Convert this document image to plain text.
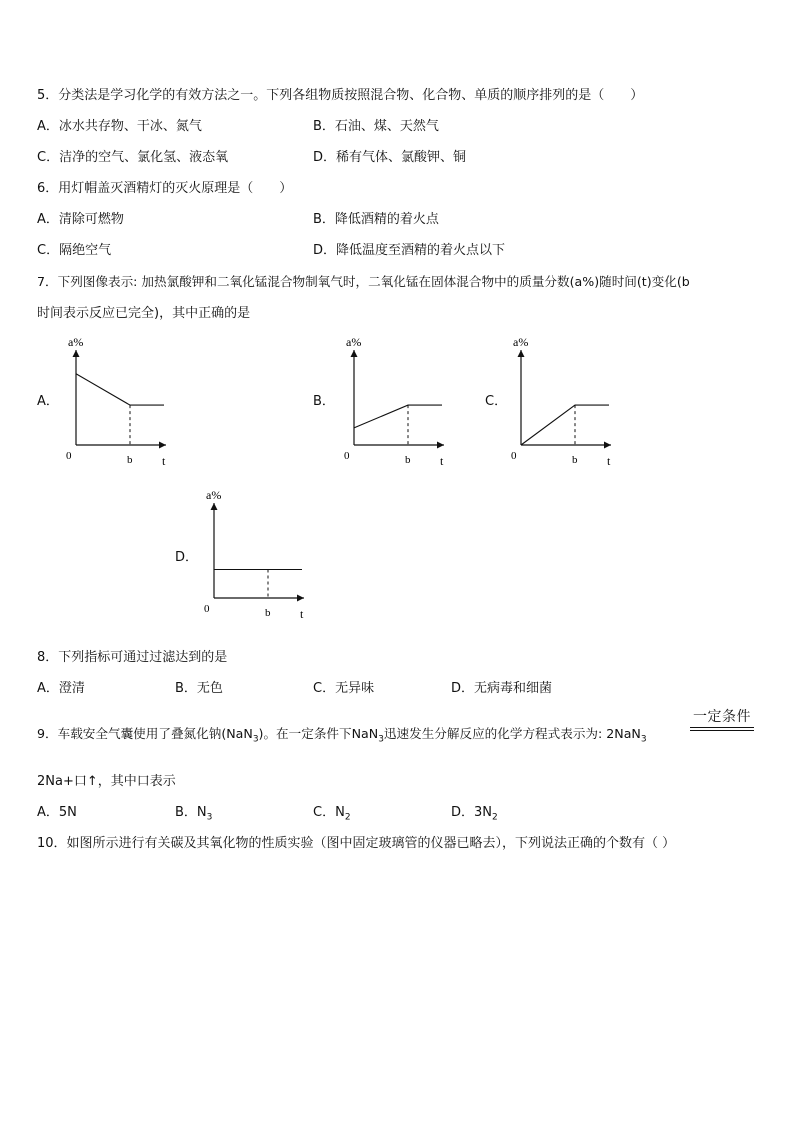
5．分类法是学习化学的有效方法之一。下列各组物质按照混合物、化合物、单质的顺序排列的是（　　）
A．冰水共存物、干冰、氮气	B．石油、煤、天然气
C．洁净的空气、氯化氢、液态氧	D．稀有气体、氯酸钾、铜
6．用灯帽盖灭酒精灯的灭火原理是（　　）
A．清除可燃物	B．降低酒精的着火点
C．隔绝空气	D．降低温度至酒精的着火点以下
7．下列图像表示: 加热氯酸钾和二氧化锰混合物制氧气时，二氧化锰在固体混合物中的质量分数(a%)随时间(t)变化(b
时间表示反应已完全)，其中正确的是
A．	B．	C．
D．
a%
t
0	b
a%
t
0	b
a%
t
0	b
a%
t
0	b
8．下列指标可通过过滤达到的是
A．澄清	B．无色	C．无异味	D．无病毒和细菌
9．车载安全气囊使用了叠氮化钠(NaN$_3$)。在一定条件下NaN$_3$迅速发生分解反应的化学方程式表示为: 2NaN$_3$
一定条件
2Na+口↑，其中口表示
A．5N	B．$N_3$	C．$N_2$	D．$3N_2$
10．如图所示进行有关碳及其氧化物的性质实验（图中固定玻璃管的仪器已略去），下列说法正确的个数有（ ）
